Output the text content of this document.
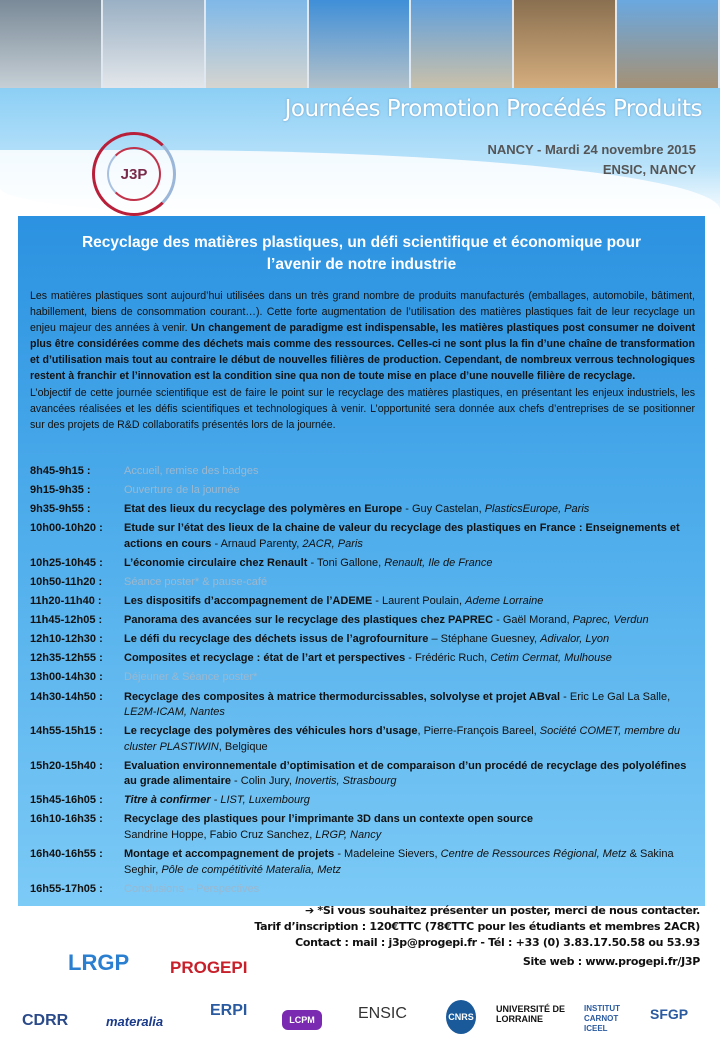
Journées Promotion Procédés Produits
NANCY - Mardi 24 novembre 2015
ENSIC, NANCY
J3P
Recyclage des matières plastiques, un défi scientifique et économique pour l’avenir de notre industrie
Les matières plastiques sont aujourd’hui utilisées dans un très grand nombre de produits manufacturés (emballages, automobile, bâtiment, habillement, biens de consommation courant…). Cette forte augmentation de l’utilisation des matières plastiques fait de leur recyclage un enjeu majeur des années à venir. Un changement de paradigme est indispensable, les matières plastiques post consumer ne doivent plus être considérées comme des déchets mais comme des ressources. Celles-ci ne sont plus la fin d’une chaîne de transformation et d’utilisation mais tout au contraire le début de nouvelles filières de production. Cependant, de nombreux verrous technologiques restent à franchir et l’innovation est la condition sine qua non de toute mise en place d’une nouvelle filière de recyclage.
L’objectif de cette journée scientifique est de faire le point sur le recyclage des matières plastiques, en présentant les enjeux industriels, les avancées réalisées et les défis scientifiques et technologiques à venir. L’opportunité sera donnée aux chefs d’entreprises de se positionner sur des projets de R&D collaboratifs présentés lors de la journée.
8h45-9h15 :	Accueil, remise des badges
9h15-9h35 :	Ouverture de la journée
9h35-9h55 :	Etat des lieux du recyclage des polymères en Europe - Guy Castelan, PlasticsEurope, Paris
10h00-10h20 :	Etude sur l’état des lieux de la chaine de valeur du recyclage des plastiques en France : Enseignements et actions en cours - Arnaud Parenty, 2ACR, Paris
10h25-10h45 :	L’économie circulaire chez Renault - Toni Gallone, Renault, Ile de France
10h50-11h20 :	Séance poster* & pause-café
11h20-11h40 :	Les dispositifs d’accompagnement de l’ADEME - Laurent Poulain, Ademe Lorraine
11h45-12h05 :	Panorama des avancées sur le recyclage des plastiques chez PAPREC - Gaël Morand, Paprec, Verdun
12h10-12h30 :	Le défi du recyclage des déchets issus de l’agrofourniture – Stéphane Guesney, Adivalor, Lyon
12h35-12h55 :	Composites et recyclage : état de l’art et perspectives - Frédéric Ruch, Cetim Cermat, Mulhouse
13h00-14h30 :	Déjeuner & Séance poster*
14h30-14h50 :	Recyclage des composites à matrice thermodurcissables, solvolyse et projet ABval - Eric Le Gal La Salle, LE2M-ICAM, Nantes
14h55-15h15 :	Le recyclage des polymères des véhicules hors d’usage, Pierre-François Bareel, Société COMET, membre du cluster PLASTIWIN, Belgique
15h20-15h40 :	Evaluation environnementale d’optimisation et de comparaison d’un procédé de recyclage des polyoléfines au grade alimentaire - Colin Jury, Inovertis, Strasbourg
15h45-16h05 :	Titre à confirmer - LIST, Luxembourg
16h10-16h35 :	Recyclage des plastiques pour l’imprimante 3D dans un contexte open source
Sandrine Hoppe, Fabio Cruz Sanchez, LRGP, Nancy
16h40-16h55 :	Montage et accompagnement de projets - Madeleine Sievers, Centre de Ressources Régional, Metz & Sakina Seghir, Pôle de compétitivité Materalia, Metz
16h55-17h05 :	Conclusions – Perspectives
➔ *Si vous souhaitez présenter un poster, merci de nous contacter.
Tarif d’inscription : 120€TTC (78€TTC pour les étudiants et membres 2ACR)
Contact : mail : j3p@progepi.fr - Tél : +33 (0) 3.83.17.50.58 ou 53.93
Site web : www.progepi.fr/J3P
LRGP PROGEPI
CDRR	materalia
ERPI
LCPM	ENSIC	CNRS
UNIVERSITÉ DE LORRAINE
INSTITUT CARNOT ICEEL
SFGP
